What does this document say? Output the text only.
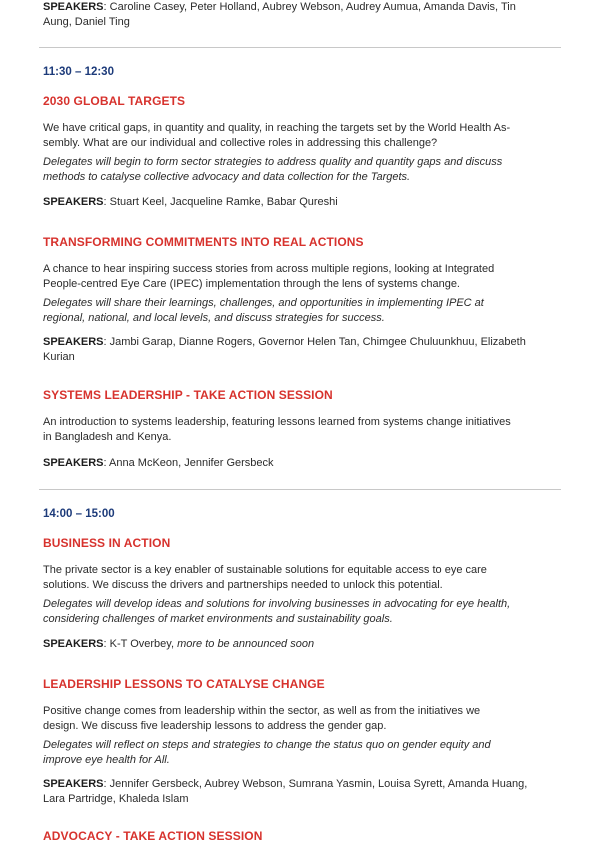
SPEAKERS: Caroline Casey, Peter Holland, Aubrey Webson, Audrey Aumua, Amanda Davis, Tin

Aung, Daniel Ting

11:30 – 12:30

2030 GLOBAL TARGETS

We have critical gaps, in quantity and quality, in reaching the targets set by the World Health As-

sembly. What are our individual and collective roles in addressing this challenge?

Delegates will begin to form sector strategies to address quality and quantity gaps and discuss

methods to catalyse collective advocacy and data collection for the Targets.

SPEAKERS: Stuart Keel, Jacqueline Ramke, Babar Qureshi

TRANSFORMING COMMITMENTS INTO REAL ACTIONS

A chance to hear inspiring success stories from across multiple regions, looking at Integrated

People-centred Eye Care (IPEC) implementation through the lens of systems change.

Delegates will share their learnings, challenges, and opportunities in implementing IPEC at

regional, national, and local levels, and discuss strategies for success.

SPEAKERS: Jambi Garap, Dianne Rogers, Governor Helen Tan, Chimgee Chuluunkhuu, Elizabeth

Kurian

SYSTEMS LEADERSHIP - TAKE ACTION SESSION

An introduction to systems leadership, featuring lessons learned from systems change initiatives

in Bangladesh and Kenya.

SPEAKERS: Anna McKeon, Jennifer Gersbeck

14:00 – 15:00

BUSINESS IN ACTION

The private sector is a key enabler of sustainable solutions for equitable access to eye care

solutions. We discuss the drivers and partnerships needed to unlock this potential.

Delegates will develop ideas and solutions for involving businesses in advocating for eye health,

considering challenges of market environments and sustainability goals.

SPEAKERS: K-T Overbey, more to be announced soon

LEADERSHIP LESSONS TO CATALYSE CHANGE

Positive change comes from leadership within the sector, as well as from the initiatives we

design. We discuss five leadership lessons to address the gender gap.

Delegates will reflect on steps and strategies to change the status quo on gender equity and

improve eye health for All.

SPEAKERS: Jennifer Gersbeck, Aubrey Webson, Sumrana Yasmin, Louisa Syrett, Amanda Huang,

Lara Partridge, Khaleda Islam

ADVOCACY - TAKE ACTION SESSION
